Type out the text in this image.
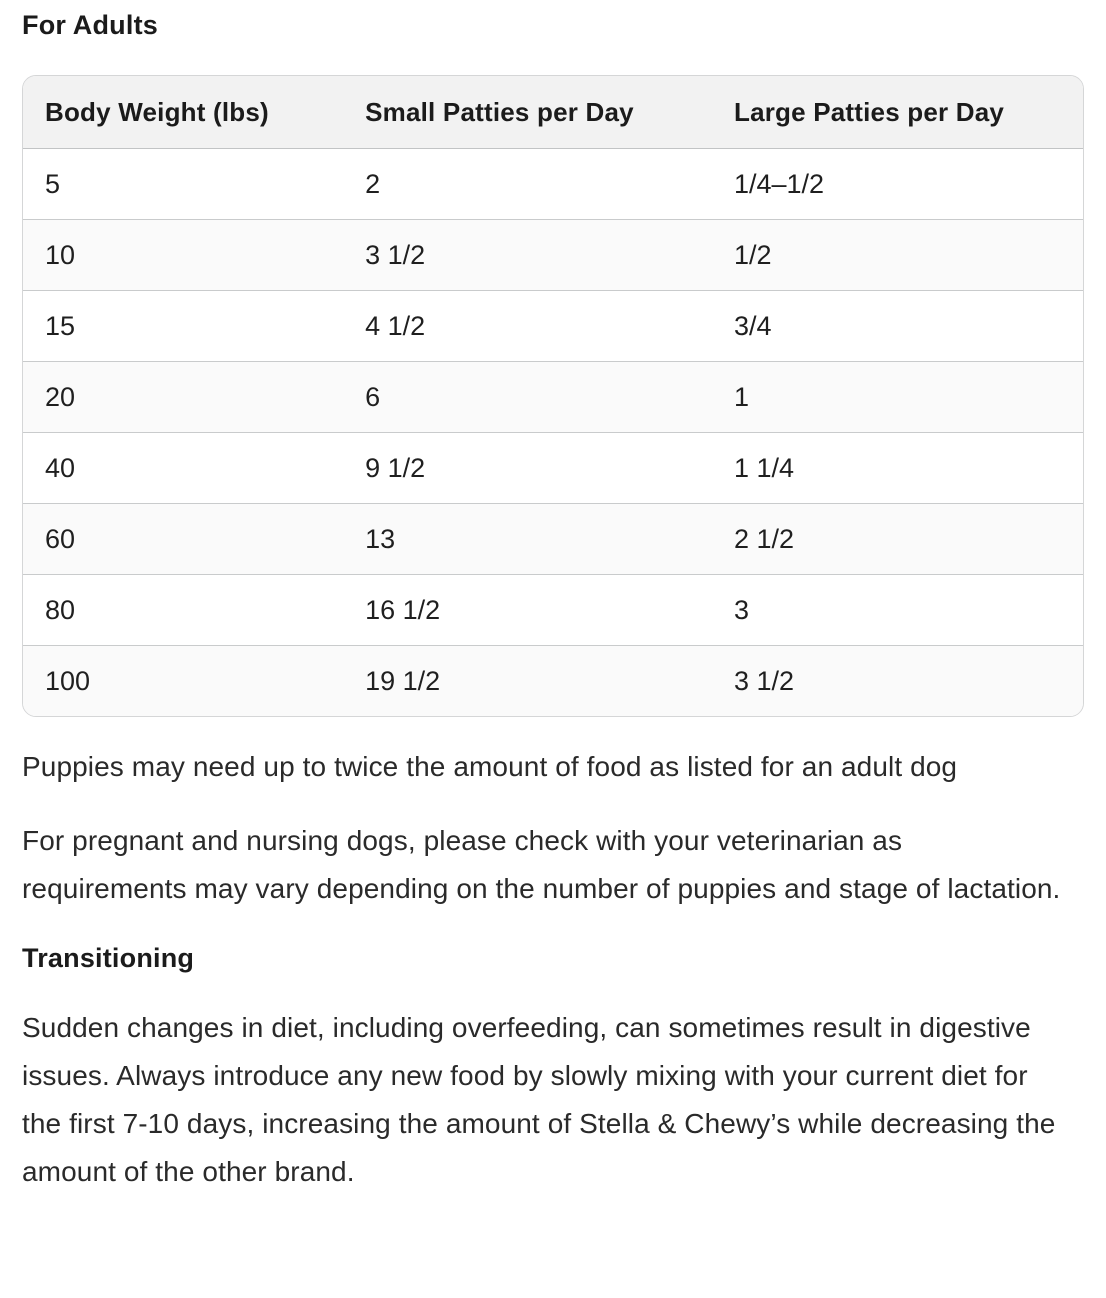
For Adults
Body Weight (lbs)	Small Patties per Day	Large Patties per Day
5	2	1/4–1/2
10	3 1/2	1/2
15	4 1/2	3/4
20	6	1
40	9 1/2	1 1/4
60	13	2 1/2
80	16 1/2	3
100	19 1/2	3 1/2

Puppies may need up to twice the amount of food as listed for an adult dog

For pregnant and nursing dogs, please check with your veterinarian as requirements may vary depending on the number of puppies and stage of lactation.

Transitioning

Sudden changes in diet, including overfeeding, can sometimes result in digestive issues. Always introduce any new food by slowly mixing with your current diet for the first 7-10 days, increasing the amount of Stella & Chewy’s while decreasing the amount of the other brand.
